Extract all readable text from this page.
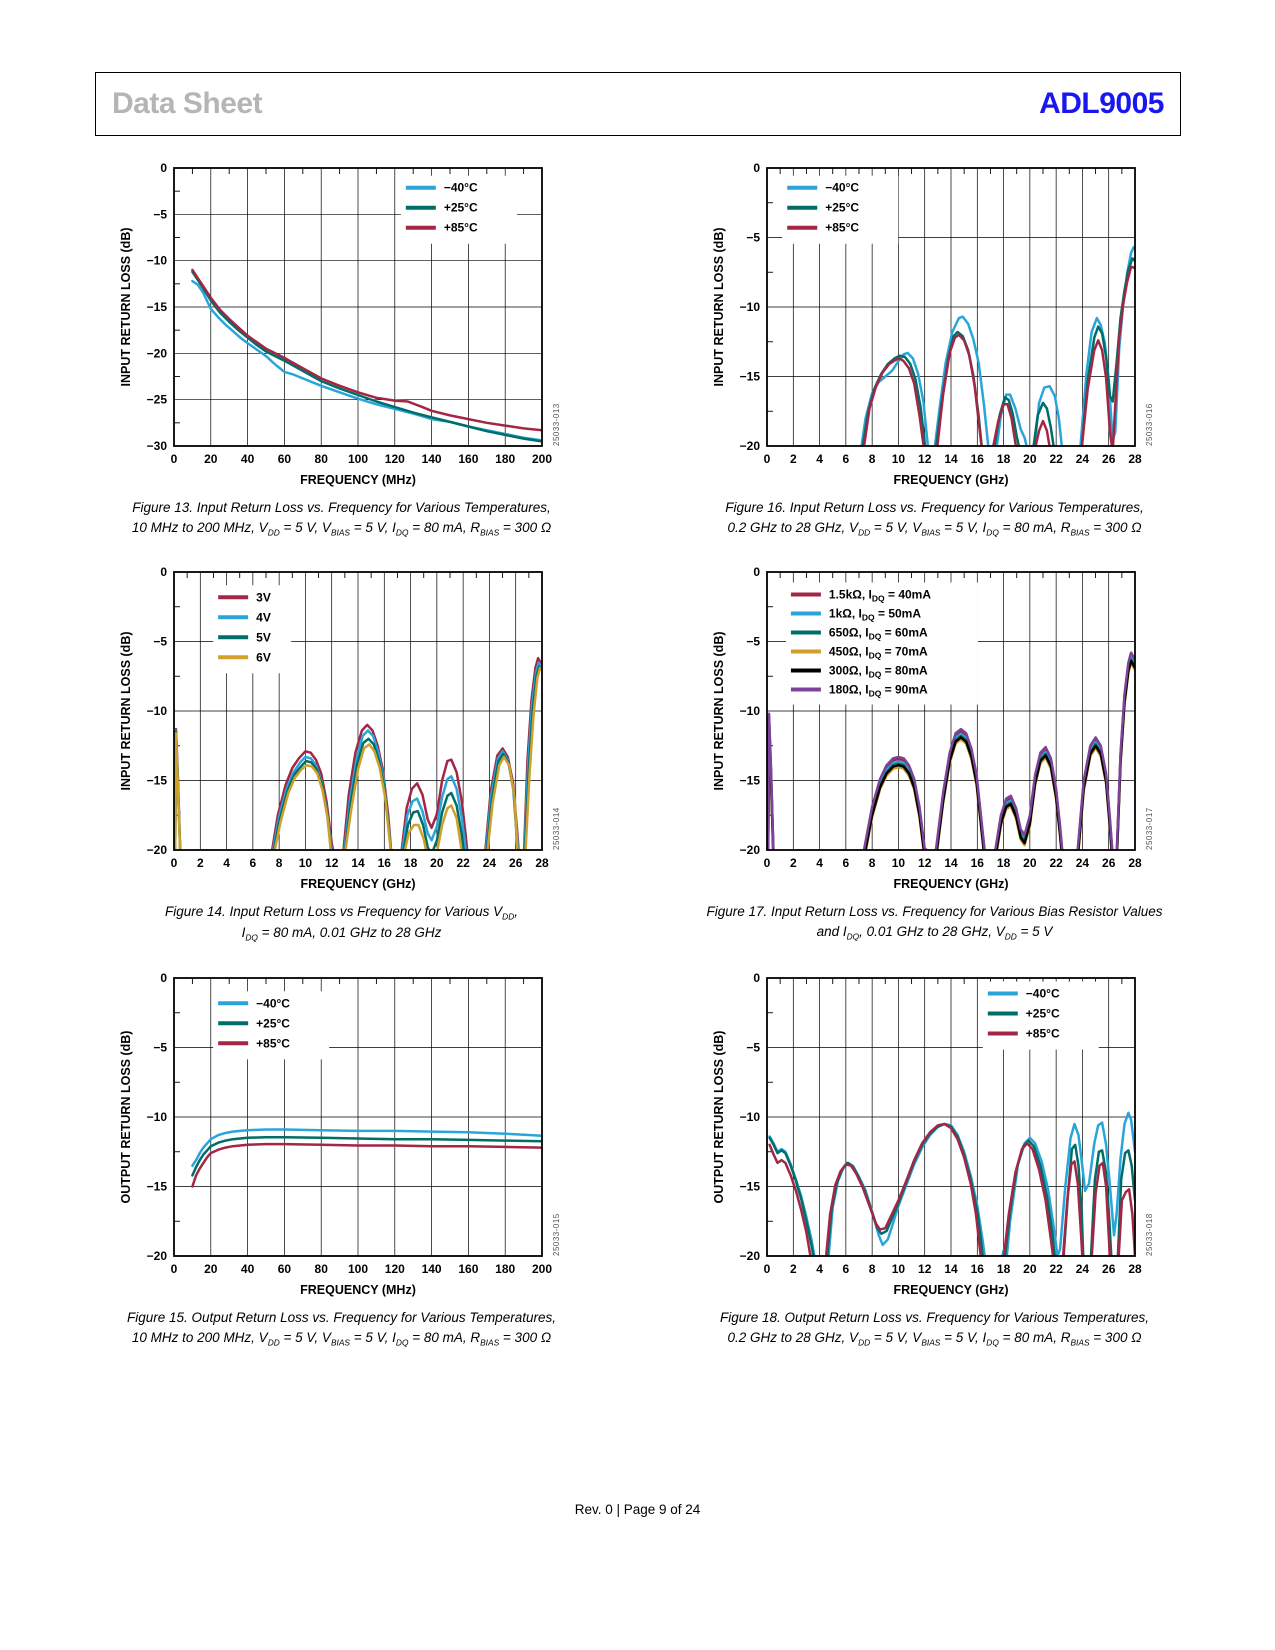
Data Sheet	ADL9005
0 20 40 60 80 100 120 140 160 180 200
0
−5
−10
−15
−20
−25
−30
INPUT RETURN LOSS (dB)
FREQUENCY (MHz)
−40°C
+25°C
+85°C
25033-013
Figure 13. Input Return Loss vs. Frequency for Various Temperatures,
10 MHz to 200 MHz, $V_{DD} = 5$ V, $V_{BIAS} = 5$ V, $I_{DQ} = 80$ mA, $R_{BIAS} = 300$ Ω
0 2 4 6 8 10 12 14 16 18 20 22 24 26 28
0
−5
−10
−15
−20
INPUT RETURN LOSS (dB)
FREQUENCY (GHz)
−40°C
+25°C
+85°C
25033-016
Figure 16. Input Return Loss vs. Frequency for Various Temperatures,
0.2 GHz to 28 GHz, $V_{DD} = 5$ V, $V_{BIAS} = 5$ V, $I_{DQ} = 80$ mA, $R_{BIAS} = 300$ Ω
0 2 4 6 8 10 12 14 16 18 20 22 24 26 28
0
−5
−10
−15
−20
INPUT RETURN LOSS (dB)
FREQUENCY (GHz)
3V
4V
5V
6V
25033-014
Figure 14. Input Return Loss vs Frequency for Various $V_{DD}$,
$I_{DQ} = 80$ mA, 0.01 GHz to 28 GHz
0 2 4 6 8 10 12 14 16 18 20 22 24 26 28
0
−5
−10
−15
−20
INPUT RETURN LOSS (dB)
FREQUENCY (GHz)
1.5kΩ, $I_{DQ} = 40mA$
1kΩ, $I_{DQ} = 50mA$
650Ω, $I_{DQ} = 60mA$
450Ω, $I_{DQ} = 70mA$
300Ω, $I_{DQ} = 80mA$
180Ω, $I_{DQ} = 90mA$
25033-017
Figure 17. Input Return Loss vs. Frequency for Various Bias Resistor Values
and $I_{DQ}$, 0.01 GHz to 28 GHz, $V_{DD} = 5$ V
0 20 40 60 80 100 120 140 160 180 200
0
−5
−10
−15
−20
OUTPUT RETURN LOSS (dB)
FREQUENCY (MHz)
−40°C
+25°C
+85°C
25033-015
Figure 15. Output Return Loss vs. Frequency for Various Temperatures,
10 MHz to 200 MHz, $V_{DD} = 5$ V, $V_{BIAS} = 5$ V, $I_{DQ} = 80$ mA, $R_{BIAS} = 300$ Ω
0 2 4 6 8 10 12 14 16 18 20 22 24 26 28
0
−5
−10
−15
−20
OUTPUT RETURN LOSS (dB)
FREQUENCY (GHz)
−40°C
+25°C
+85°C
25033-018
Figure 18. Output Return Loss vs. Frequency for Various Temperatures,
0.2 GHz to 28 GHz, $V_{DD} = 5$ V, $V_{BIAS} = 5$ V, $I_{DQ} = 80$ mA, $R_{BIAS} = 300$ Ω
Rev. 0 | Page 9 of 24
